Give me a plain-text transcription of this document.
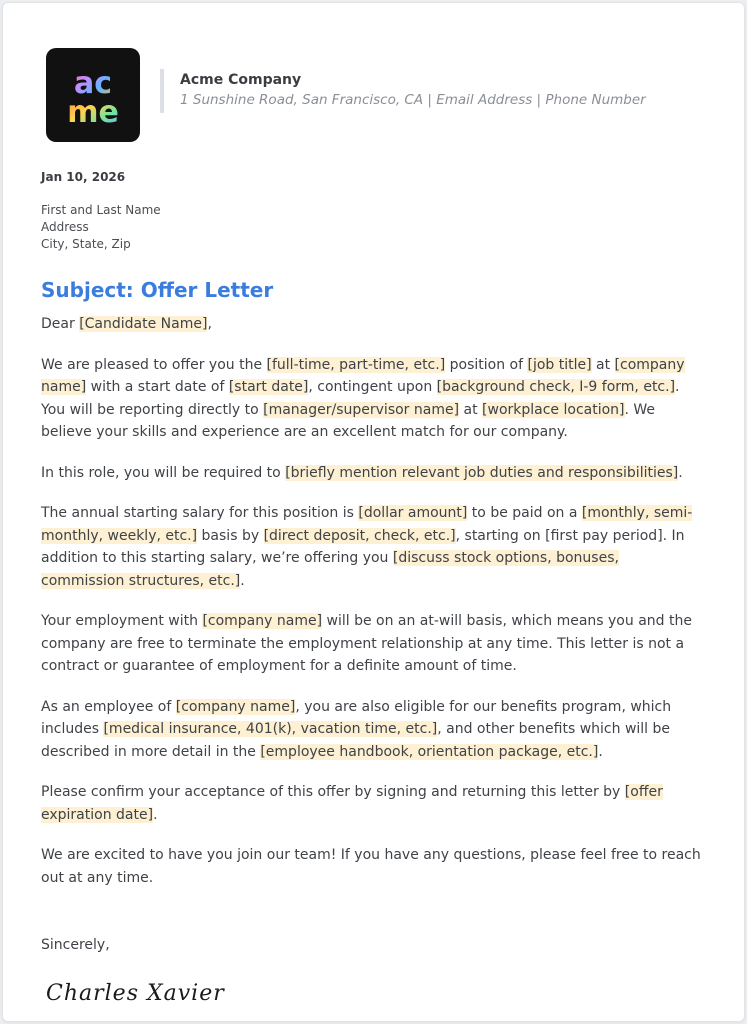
ac
me
Acme Company
1 Sunshine Road, San Francisco, CA | Email Address | Phone Number
Jan 10, 2026
First and Last Name
Address
City, State, Zip
Subject: Offer Letter

Dear [Candidate Name],

We are pleased to offer you the [full-time, part-time, etc.] position of [job title] at [company name] with a start date of [start date], contingent upon [background check, I-9 form, etc.]. You will be reporting directly to [manager/supervisor name] at [workplace location]. We believe your skills and experience are an excellent match for our company.

In this role, you will be required to [briefly mention relevant job duties and responsibilities].

The annual starting salary for this position is [dollar amount] to be paid on a [monthly, semi-monthly, weekly, etc.] basis by [direct deposit, check, etc.], starting on [first pay period]. In addition to this starting salary, we’re offering you [discuss stock options, bonuses, commission structures, etc.].

Your employment with [company name] will be on an at-will basis, which means you and the company are free to terminate the employment relationship at any time. This letter is not a contract or guarantee of employment for a definite amount of time.

As an employee of [company name], you are also eligible for our benefits program, which includes [medical insurance, 401(k), vacation time, etc.], and other benefits which will be described in more detail in the [employee handbook, orientation package, etc.].

Please confirm your acceptance of this offer by signing and returning this letter by [offer expiration date].

We are excited to have you join our team! If you have any questions, please feel free to reach out at any time.

Sincerely,
Charles Xavier
